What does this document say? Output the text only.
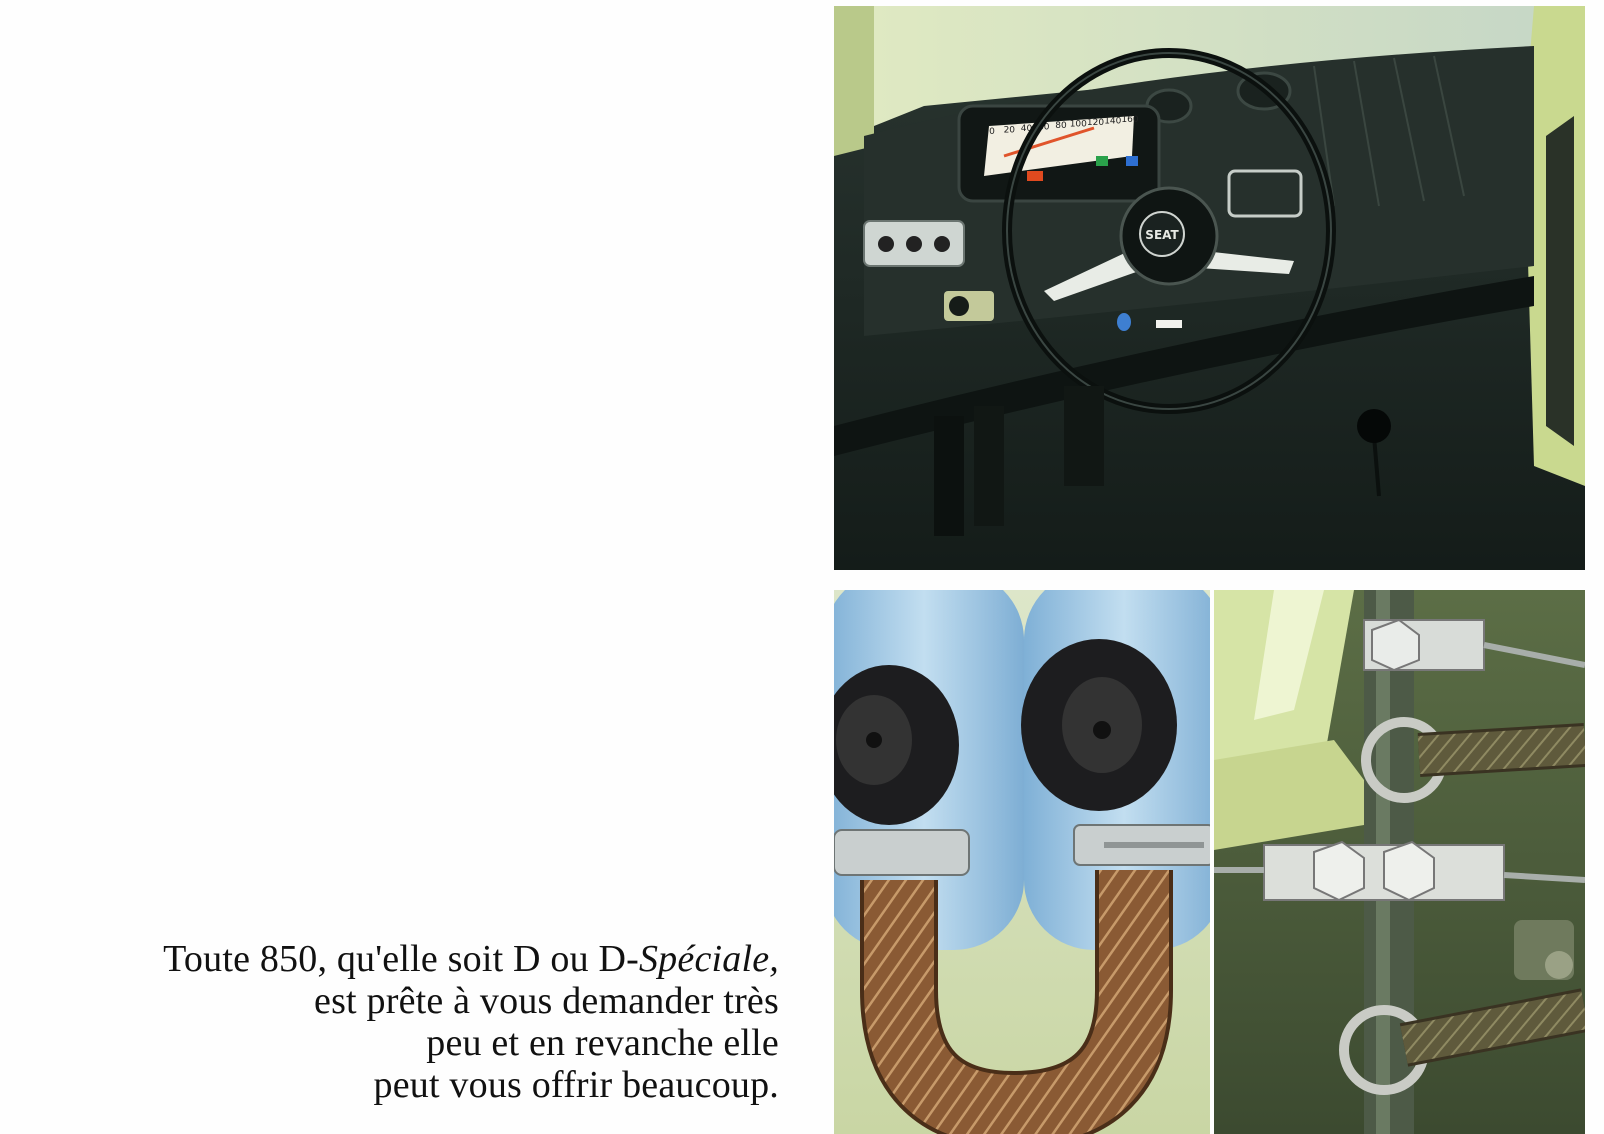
Toute 850, qu'elle soit D ou D-Spéciale,
est prête à vous demander très
peu et en revanche elle
peut vous offrir beaucoup.
0 20 40 60 80 100 120 140 160
SEAT
